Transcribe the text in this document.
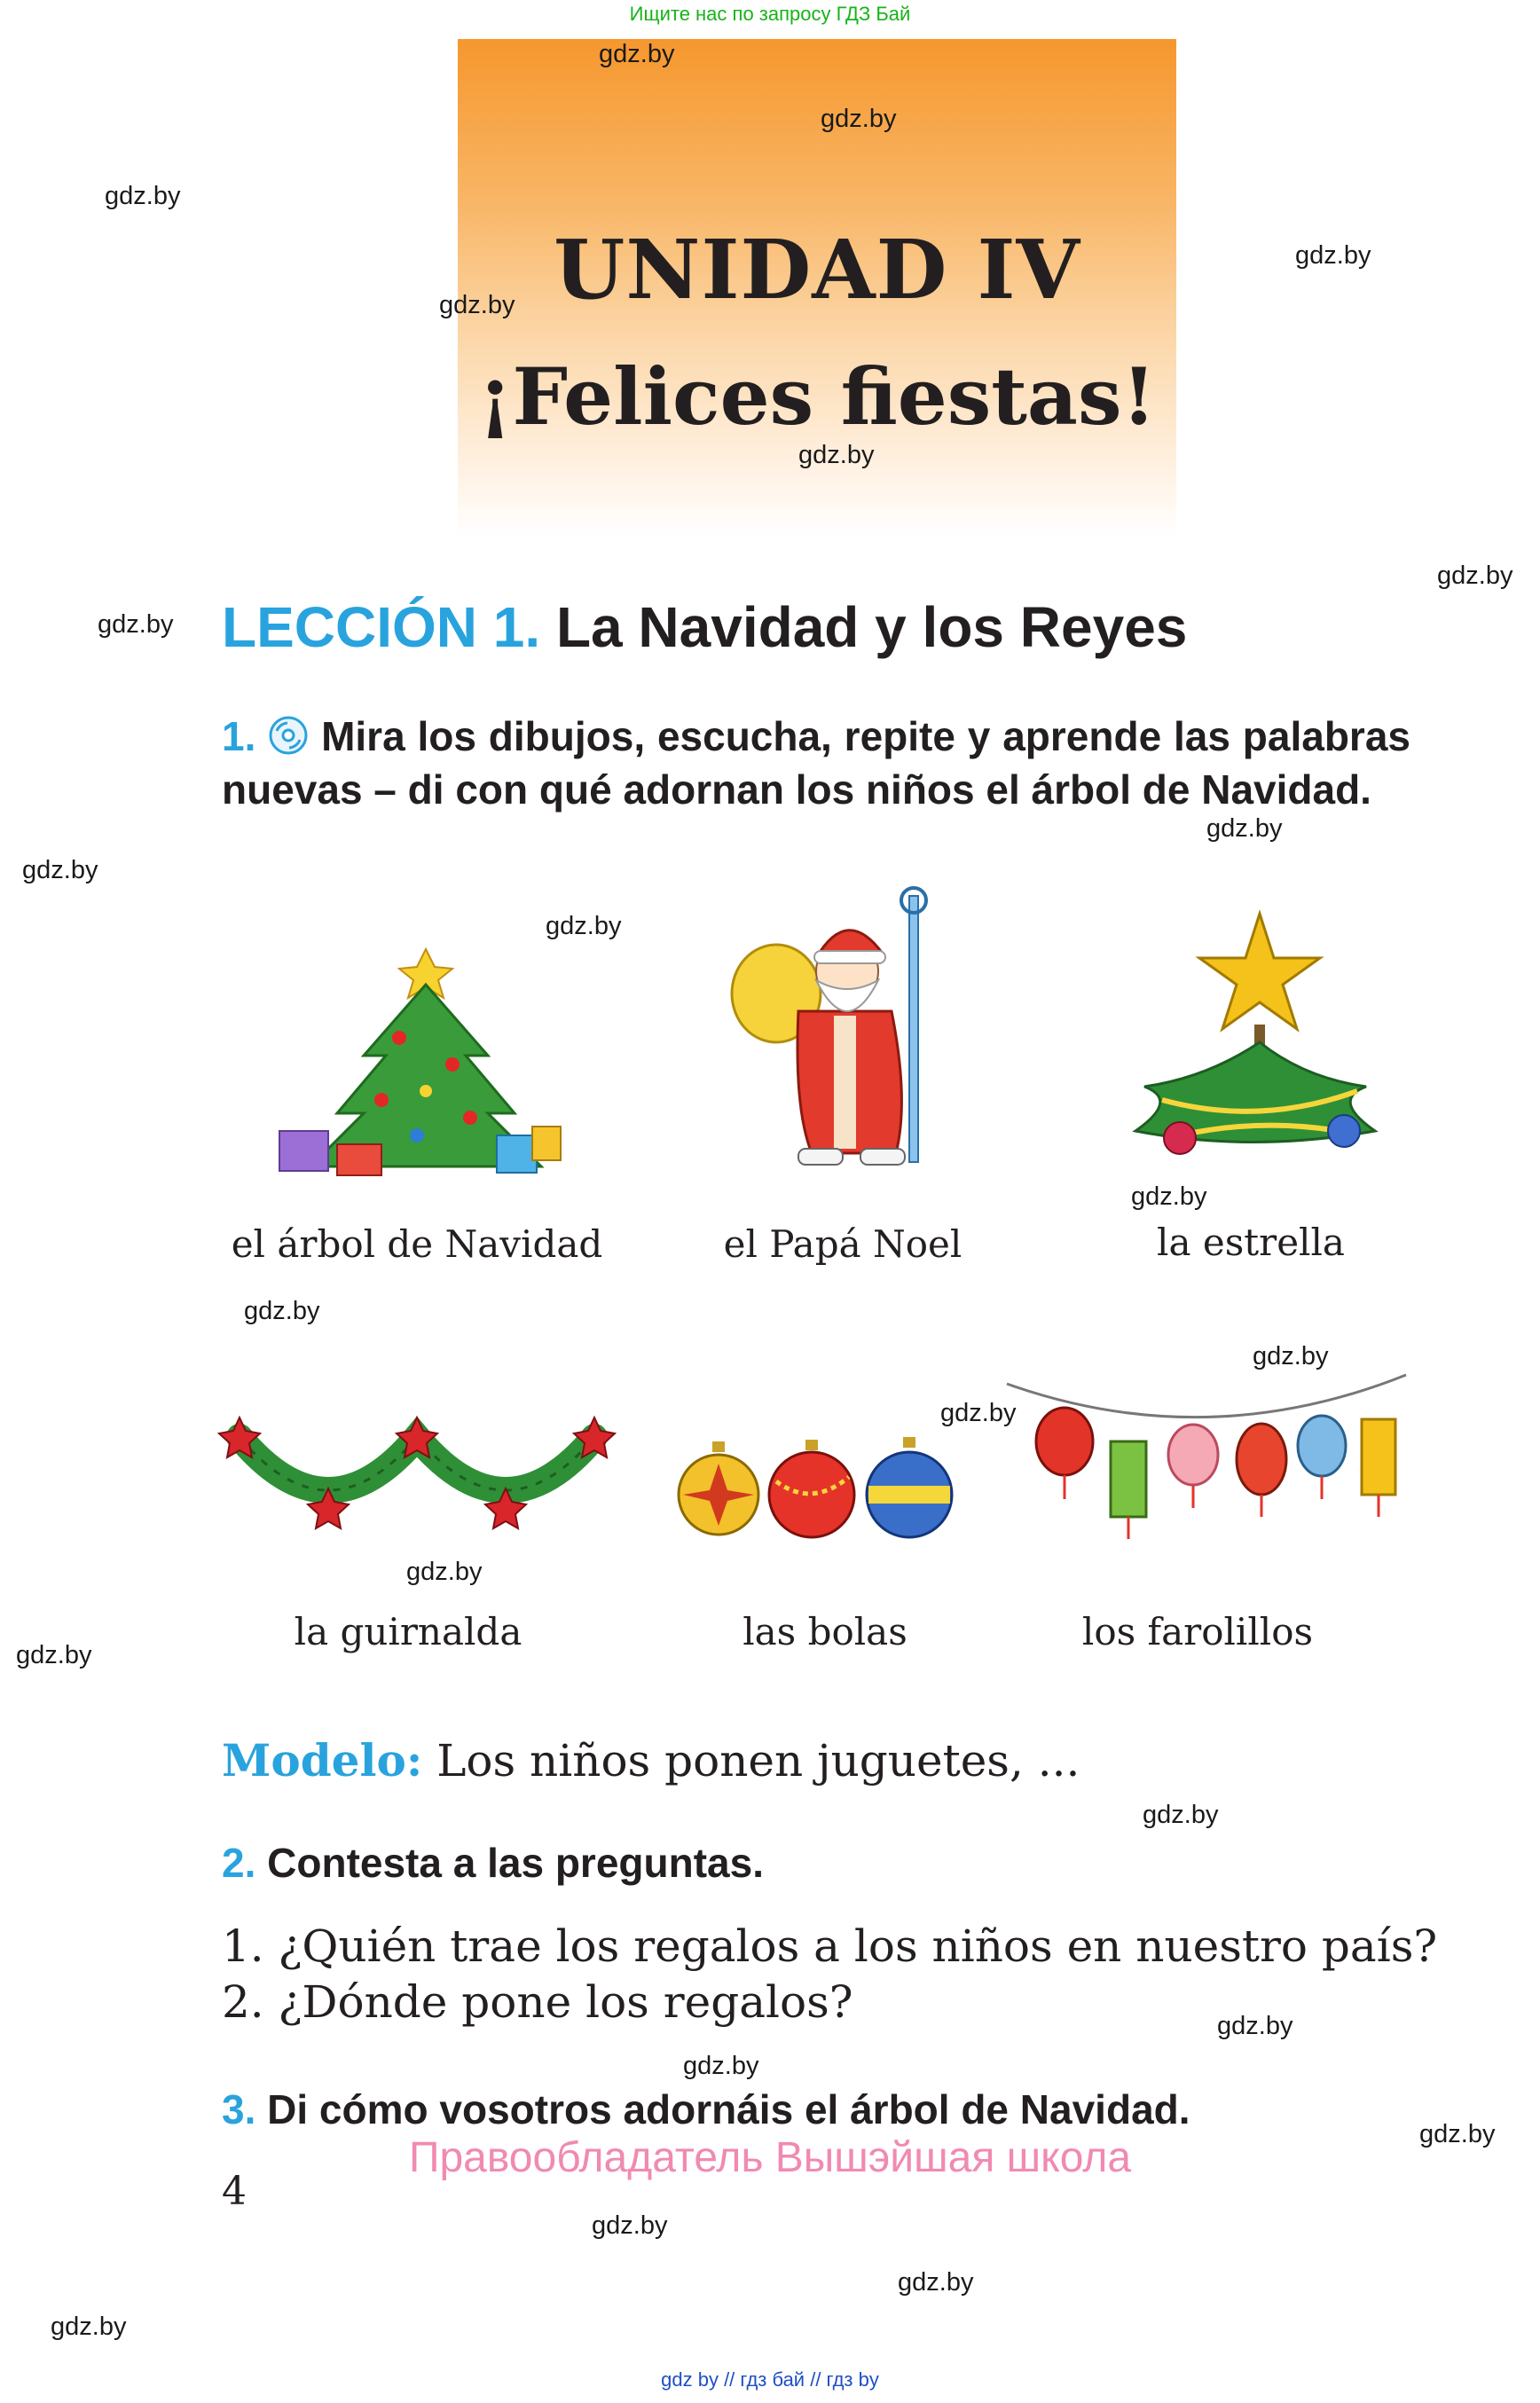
Ищите нас по запросу ГДЗ Бай
UNIDAD IV
¡Felices fiestas!
LECCIÓN 1. La Navidad y los Reyes
1. Mira los dibujos, escucha, repite y aprende las palabras nuevas – di con qué adornan los niños el árbol de Navidad.
el árbol de Navidad	el Papá Noel	la estrella
la guirnalda	las bolas	los farolillos
Modelo: Los niños ponen juguetes, ...
2. Contesta a las preguntas.
1. ¿Quién trae los regalos a los niños en nuestro país?
2. ¿Dónde pone los regalos?
3. Di cómo vosotros adornáis el árbol de Navidad.
Правообладатель Вышэйшая школа
4
gdz.by
gdz.by
gdz.by
gdz.by
gdz.by
gdz.by
gdz.by
gdz.by
gdz.by
gdz.by
gdz.by
gdz.by
gdz.by
gdz.by
gdz.by
gdz.by
gdz.by
gdz.by
gdz.by
gdz.by
gdz.by
gdz.by
gdz.by
gdz.by
gdz by // гдз бай // гдз by
